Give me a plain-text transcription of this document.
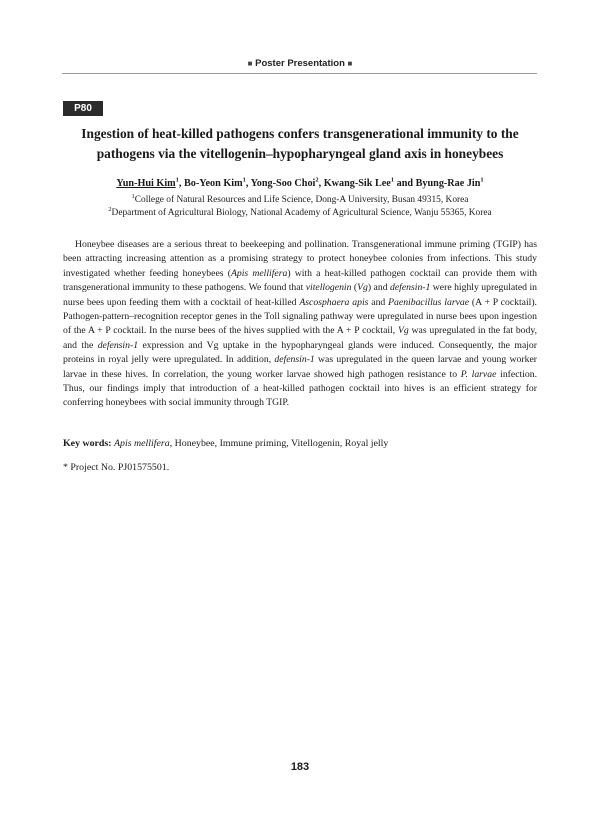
■ Poster Presentation ■
P80
Ingestion of heat-killed pathogens confers transgenerational immunity to the pathogens via the vitellogenin–hypopharyngeal gland axis in honeybees
Yun-Hui Kim$^1$, Bo-Yeon Kim$^1$, Yong-Soo Choi$^2$, Kwang-Sik Lee$^1$ and Byung-Rae Jin$^1$
$^1$College of Natural Resources and Life Science, Dong-A University, Busan 49315, Korea
$^2$Department of Agricultural Biology, National Academy of Agricultural Science, Wanju 55365, Korea

Honeybee diseases are a serious threat to beekeeping and pollination. Transgenerational immune priming (TGIP) has been attracting increasing attention as a promising strategy to protect honeybee colonies from infections. This study investigated whether feeding honeybees (Apis mellifera) with a heat-killed pathogen cocktail can provide them with transgenerational immunity to these pathogens. We found that vitellogenin (Vg) and defensin-1 were highly upregulated in nurse bees upon feeding them with a cocktail of heat-killed Ascosphaera apis and Paenibacillus larvae (A + P cocktail). Pathogen-pattern–recognition receptor genes in the Toll signaling pathway were upregulated in nurse bees upon ingestion of the A + P cocktail. In the nurse bees of the hives supplied with the A + P cocktail, Vg was upregulated in the fat body, and the defensin-1 expression and Vg uptake in the hypopharyngeal glands were induced. Consequently, the major proteins in royal jelly were upregulated. In addition, defensin-1 was upregulated in the queen larvae and young worker larvae in these hives. In correlation, the young worker larvae showed high pathogen resistance to P. larvae infection. Thus, our findings imply that introduction of a heat-killed pathogen cocktail into hives is an efficient strategy for conferring honeybees with social immunity through TGIP.

Key words: Apis mellifera, Honeybee, Immune priming, Vitellogenin, Royal jelly
* Project No. PJ01575501.
183
